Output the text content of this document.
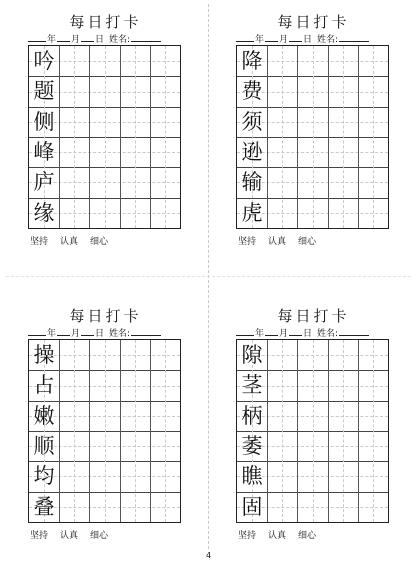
每日打卡
年 月 日 姓名:
吟
题
侧
峰
庐
缘
坚持 认真 细心
每日打卡
年 月 日 姓名:
降
费
须
逊
输
虎
坚持 认真 细心
每日打卡
年 月 日 姓名:
操
占
嫩
顺
均
叠
坚持 认真 细心
每日打卡
年 月 日 姓名:
隙
茎
柄
萎
瞧
固
坚持 认真 细心
4
